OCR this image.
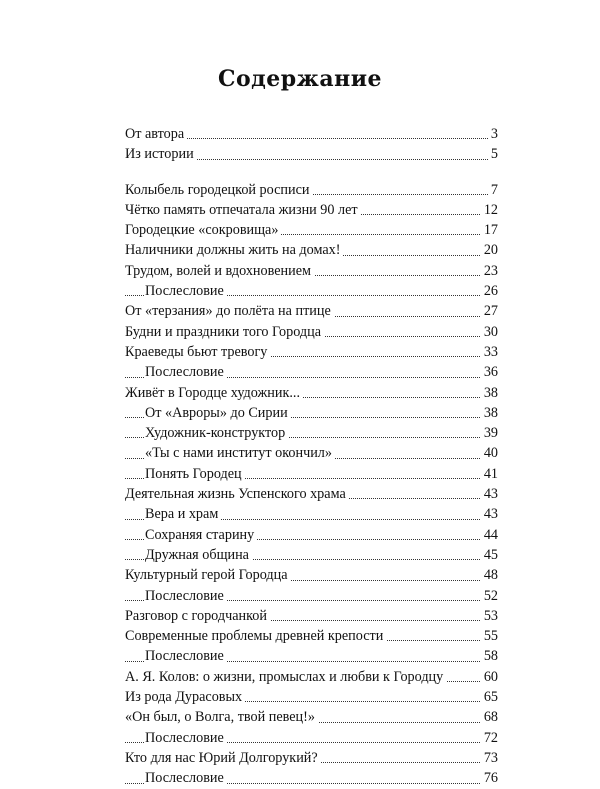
Содержание
От автора	3
Из истории	5
Колыбель городецкой росписи	7
Чётко память отпечатала жизни 90 лет	12
Городецкие «сокровища»	17
Наличники должны жить на домах!	20
Трудом, волей и вдохновением	23
Послесловие	26
От «терзания» до полёта на птице	27
Будни и праздники того Городца	30
Краеведы бьют тревогу	33
Послесловие	36
Живёт в Городце художник...	38
От «Авроры» до Сирии	38
Художник-конструктор	39
«Ты с нами институт окончил»	40
Понять Городец	41
Деятельная жизнь Успенского храма	43
Вера и храм	43
Сохраняя старину	44
Дружная община	45
Культурный герой Городца	48
Послесловие	52
Разговор с городчанкой	53
Современные проблемы древней крепости	55
Послесловие	58
А. Я. Колов: о жизни, промыслах и любви к Городцу	60
Из рода Дурасовых	65
«Он был, о Волга, твой певец!»	68
Послесловие	72
Кто для нас Юрий Долгорукий?	73
Послесловие	76
